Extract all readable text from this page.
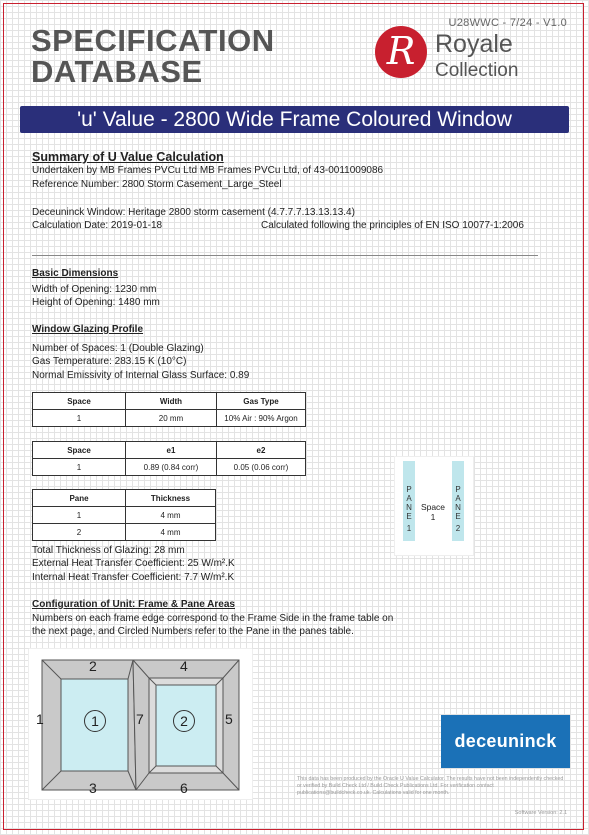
U28WWC - 7/24 - V1.0
SPECIFICATION
DATABASE	R Royale
Collection
'u' Value - 2800 Wide Frame Coloured Window
Summary of U Value Calculation
Undertaken by MB Frames PVCu Ltd MB Frames PVCu Ltd, of 43-0011009086
Reference Number: 2800 Storm Casement_Large_Steel
Deceuninck Window: Heritage 2800 storm casement (4.7.7.7.13.13.13.4)
Calculation Date: 2019-01-18	Calculated following the principles of EN ISO 10077-1:2006
Basic Dimensions
Width of Opening: 1230 mm
Height of Opening: 1480 mm
Window Glazing Profile
Number of Spaces: 1 (Double Glazing)
Gas Temperature: 283.15 K (10°C)
Normal Emissivity of Internal Glass Surface: 0.89
Space	Width	Gas Type
1	20 mm	10% Air : 90% Argon
Space	e1	e2
1	0.89 (0.84 corr)	0.05 (0.06 corr)
Pane	Thickness
1	4 mm
2	4 mm
Total Thickness of Glazing: 28 mm
External Heat Transfer Coefficient: 25 W/m².K
Internal Heat Transfer Coefficient: 7.7 W/m².K
P
A
N
E
1
P
A
N
E
2
Space
1
Configuration of Unit: Frame & Pane Areas
Numbers on each frame edge correspond to the Frame Side in the frame table on
the next page, and Circled Numbers refer to the Pane in the panes table.
2	4
1	7	5
3	6
1	2
deceuninck
This data has been produced by the Oracle U Value Calculator. The results have not been independently checked or verified by Build Check Ltd / Build Check Publications Ltd. For verification contact publications@buildcheck.co.uk. Calculations valid for one month.
Software Version: 2.1
